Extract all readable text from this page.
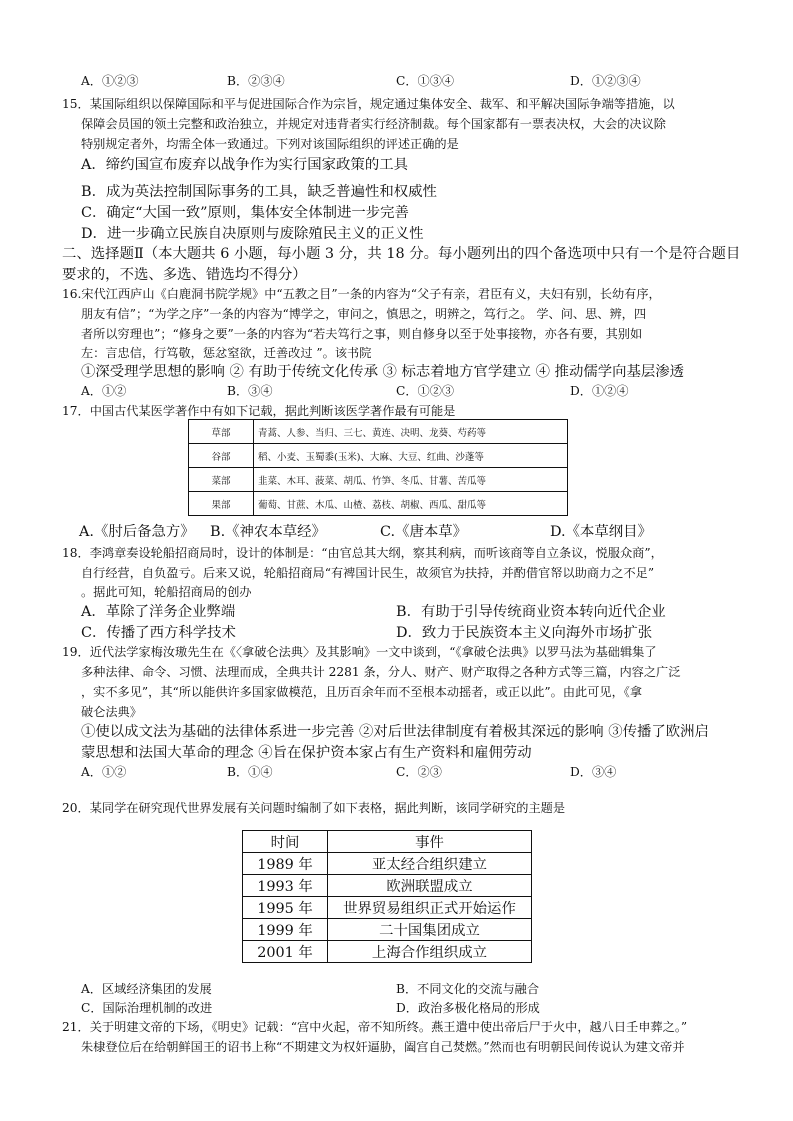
A．①②③	B．②③④	C．①③④	D．①②③④
15．某国际组织以保障国际和平与促进国际合作为宗旨，规定通过集体安全、裁军、和平解决国际争端等措施，以
保障会员国的领土完整和政治独立，并规定对违背者实行经济制裁。每个国家都有一票表决权，大会的决议除
特别规定者外，均需全体一致通过。下列对该国际组织的评述正确的是
A．缔约国宣布废弃以战争作为实行国家政策的工具
B．成为英法控制国际事务的工具，缺乏普遍性和权威性
C．确定“大国一致”原则，集体安全体制进一步完善
D．进一步确立民族自决原则与废除殖民主义的正义性
二、选择题Ⅱ（本大题共 6 小题，每小题 3 分，共 18 分。每小题列出的四个备选项中只有一个是符合题目
要求的，不选、多选、错选均不得分）
16.宋代江西庐山《白鹿洞书院学规》中“五教之目”一条的内容为“父子有亲，君臣有义，夫妇有别，长幼有序，
朋友有信”；“为学之序”一条的内容为“博学之，审问之，慎思之，明辨之，笃行之。 学、问、思、辨，四
者所以穷理也”；“修身之要”一条的内容为“若夫笃行之事，则自修身以至于处事接物，亦各有要，其别如
左：言忠信，行笃敬，惩忿窒欲，迁善改过 ”。该书院
①深受理学思想的影响 ② 有助于传统文化传承 ③ 标志着地方官学建立 ④ 推动儒学向基层渗透
A．①②	B．③④	C．①②③	D．①②④
17．中国古代某医学著作中有如下记载，据此判断该医学著作最有可能是
草部	青蒿、人参、当归、三七、黄连、决明、龙葵、芍药等
谷部	稻、小麦、玉蜀黍(玉米)、大麻、大豆、红曲、沙蓬等
菜部	韭菜、木耳、菠菜、胡瓜、竹笋、冬瓜、甘薯、苦瓜等
果部	葡萄、甘蔗、木瓜、山楂、荔枝、胡椒、西瓜、甜瓜等
A.《肘后备急方》 B.《神农本草经》	C.《唐本草》	D.《本草纲目》
18．李鸿章奏设轮船招商局时，设计的体制是：“由官总其大纲，察其利病，而听该商等自立条议，悦服众商”，
自行经营，自负盈亏。后来又说，轮船招商局“有裨国计民生，故须官为扶持，并酌借官帑以助商力之不足”
。据此可知，轮船招商局的创办
A．革除了洋务企业弊端	B．有助于引导传统商业资本转向近代企业
C．传播了西方科学技术	D．致力于民族资本主义向海外市场扩张
19．近代法学家梅汝璈先生在《〈拿破仑法典〉及其影响》一文中谈到，“《拿破仑法典》以罗马法为基础辑集了
多种法律、命令、习惯、法理而成，全典共计 2281 条，分人、财产、财产取得之各种方式等三篇，内容之广泛
，实不多见”，其“所以能供许多国家做模范，且历百余年而不至根本动摇者，或正以此”。由此可见，《拿
破仑法典》
①使以成文法为基础的法律体系进一步完善 ②对后世法律制度有着极其深远的影响 ③传播了欧洲启
蒙思想和法国大革命的理念 ④旨在保护资本家占有生产资料和雇佣劳动
A．①②	B．①④	C．②③	D．③④
20．某同学在研究现代世界发展有关问题时编制了如下表格，据此判断，该同学研究的主题是
时间	事件
1989 年	亚太经合组织建立
1993 年	欧洲联盟成立
1995 年	世界贸易组织正式开始运作
1999 年	二十国集团成立
2001 年	上海合作组织成立
A．区域经济集团的发展	B．不同文化的交流与融合
C．国际治理机制的改进	D．政治多极化格局的形成
21．关于明建文帝的下场，《明史》记载：“宫中火起，帝不知所终。燕王遣中使出帝后尸于火中，越八日壬申葬之。”
朱棣登位后在给朝鲜国王的诏书上称“不期建文为权奸逼胁，阖宫自己焚燃。”然而也有明朝民间传说认为建文帝并
